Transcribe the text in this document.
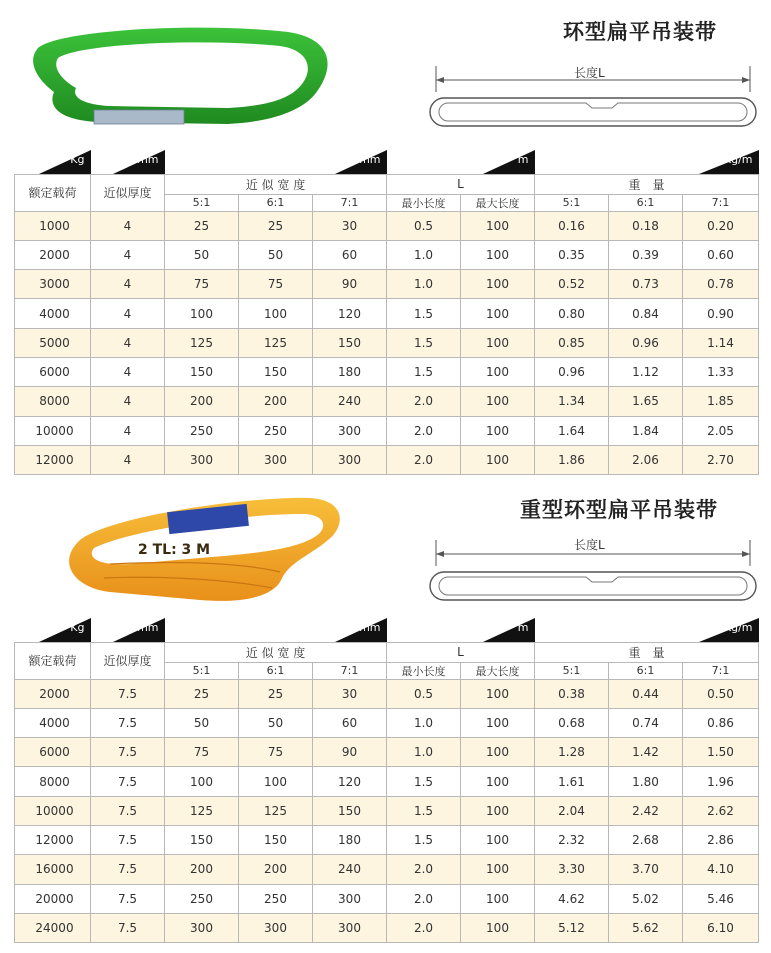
环型扁平吊装带
长度L
Kg	mm			mm		m			Kg/m

额定载荷	近似厚度	近 似 宽 度			L		重　量		
		5:1	6:1	7:1	最小长度	最大长度	5:1	6:1	7:1
1000	4	25	25	30	0.5	100	0.16	0.18	0.20
2000	4	50	50	60	1.0	100	0.35	0.39	0.60
3000	4	75	75	90	1.0	100	0.52	0.73	0.78
4000	4	100	100	120	1.5	100	0.80	0.84	0.90
5000	4	125	125	150	1.5	100	0.85	0.96	1.14
6000	4	150	150	180	1.5	100	0.96	1.12	1.33
8000	4	200	200	240	2.0	100	1.34	1.65	1.85
10000	4	250	250	300	2.0	100	1.64	1.84	2.05
12000	4	300	300	300	2.0	100	1.86	2.06	2.70
重型环型扁平吊装带
2 TL: 3 M	长度L
Kg	mm			mm		m			Kg/m

额定载荷	近似厚度	近 似 宽 度			L		重　量		
		5:1	6:1	7:1	最小长度	最大长度	5:1	6:1	7:1
2000	7.5	25	25	30	0.5	100	0.38	0.44	0.50
4000	7.5	50	50	60	1.0	100	0.68	0.74	0.86
6000	7.5	75	75	90	1.0	100	1.28	1.42	1.50
8000	7.5	100	100	120	1.5	100	1.61	1.80	1.96
10000	7.5	125	125	150	1.5	100	2.04	2.42	2.62
12000	7.5	150	150	180	1.5	100	2.32	2.68	2.86
16000	7.5	200	200	240	2.0	100	3.30	3.70	4.10
20000	7.5	250	250	300	2.0	100	4.62	5.02	5.46
24000	7.5	300	300	300	2.0	100	5.12	5.62	6.10
